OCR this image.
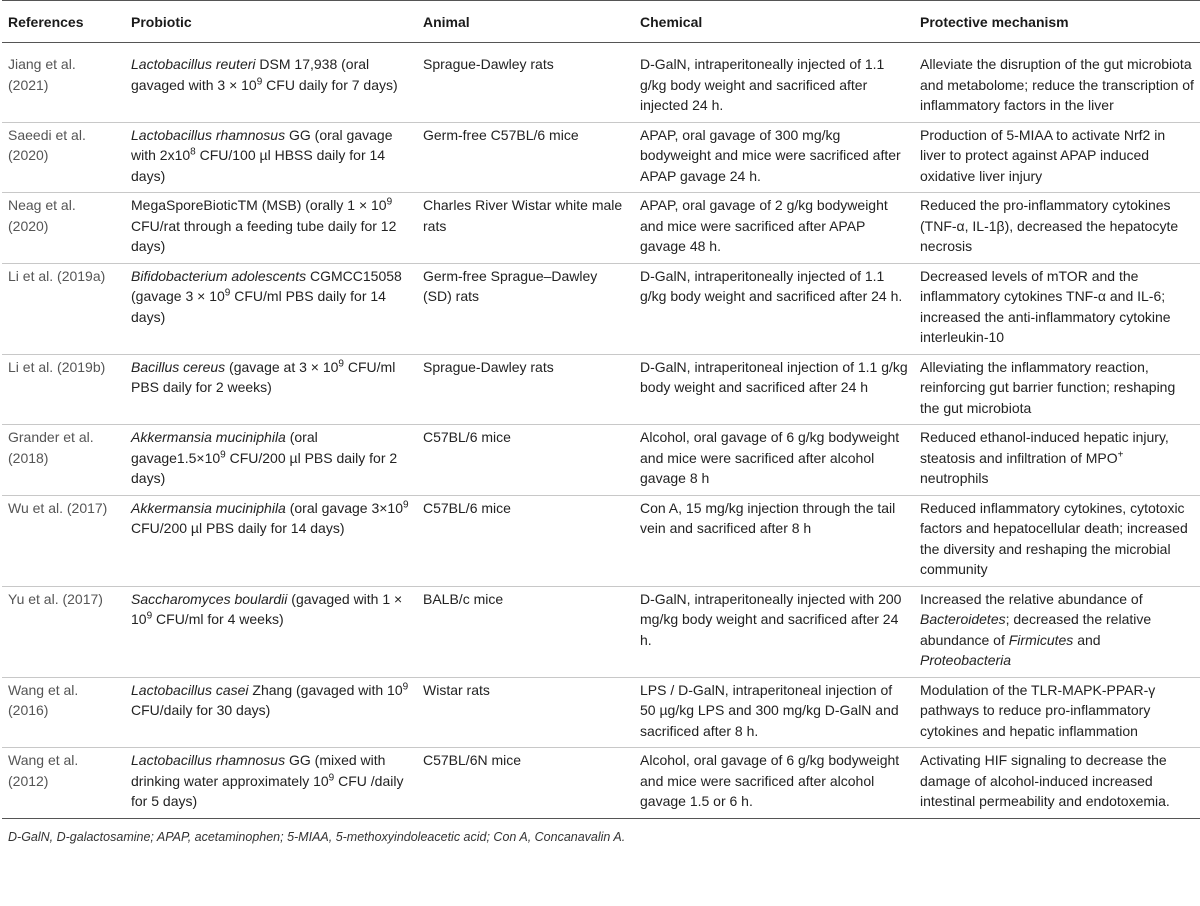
References	Probiotic	Animal	Chemical	Protective mechanism
Jiang et al. (2021)	Lactobacillus reuteri DSM 17,938 (oral gavaged with $3 \times 10^9$ CFU daily for 7 days)	Sprague-Dawley rats	D-GalN, intraperitoneally injected of 1.1 g/kg body weight and sacrificed after injected 24 h.	Alleviate the disruption of the gut microbiota and metabolome; reduce the transcription of inflammatory factors in the liver
Saeedi et al. (2020)	Lactobacillus rhamnosus GG (oral gavage with $2x10^8$ CFU/100 µl HBSS daily for 14 days)	Germ-free C57BL/6 mice	APAP, oral gavage of 300 mg/kg bodyweight and mice were sacrificed after APAP gavage 24 h.	Production of 5-MIAA to activate Nrf2 in liver to protect against APAP induced oxidative liver injury
Neag et al. (2020)	MegaSporeBioticTM (MSB) (orally $1 \times 10^9$ CFU/rat through a feeding tube daily for 12 days)	Charles River Wistar white male rats	APAP, oral gavage of 2 g/kg bodyweight and mice were sacrificed after APAP gavage 48 h.	Reduced the pro-inflammatory cytokines (TNF-α, IL-1β), decreased the hepatocyte necrosis
Li et al. (2019a)	Bifidobacterium adolescents CGMCC15058 (gavage $3 \times 10^9$ CFU/ml PBS daily for 14 days)	Germ-free Sprague–Dawley (SD) rats	D-GalN, intraperitoneally injected of 1.1 g/kg body weight and sacrificed after 24 h.	Decreased levels of mTOR and the inflammatory cytokines TNF-α and IL-6; increased the anti-inflammatory cytokine interleukin-10
Li et al. (2019b)	Bacillus cereus (gavage at $3 \times 10^9$ CFU/ml PBS daily for 2 weeks)	Sprague-Dawley rats	D-GalN, intraperitoneal injection of 1.1 g/kg body weight and sacrificed after 24 h	Alleviating the inflammatory reaction, reinforcing gut barrier function; reshaping the gut microbiota
Grander et al. (2018)	Akkermansia muciniphila (oral $gavage1.5\times 10^9$ CFU/200 µl PBS daily for 2 days)	C57BL/6 mice	Alcohol, oral gavage of 6 g/kg bodyweight and mice were sacrificed after alcohol gavage 8 h	Reduced ethanol-induced hepatic injury, steatosis and infiltration of MPO+ neutrophils
Wu et al. (2017)	Akkermansia muciniphila (oral gavage $3\times 10^9$ CFU/200 µl PBS daily for 14 days)	C57BL/6 mice	Con A, 15 mg/kg injection through the tail vein and sacrificed after 8 h	Reduced inflammatory cytokines, cytotoxic factors and hepatocellular death; increased the diversity and reshaping the microbial community
Yu et al. (2017)	Saccharomyces boulardii (gavaged with $1 \times 10^9$ CFU/ml for 4 weeks)	BALB/c mice	D-GalN, intraperitoneally injected with 200 mg/kg body weight and sacrificed after 24 h.	Increased the relative abundance of Bacteroidetes; decreased the relative abundance of Firmicutes and Proteobacteria
Wang et al. (2016)	Lactobacillus casei Zhang (gavaged with $10^9$ CFU/daily for 30 days)	Wistar rats	LPS / D-GalN, intraperitoneal injection of 50 µg/kg LPS and 300 mg/kg D-GalN and sacrificed after 8 h.	Modulation of the TLR-MAPK-PPAR-γ pathways to reduce pro-inflammatory cytokines and hepatic inflammation
Wang et al. (2012)	Lactobacillus rhamnosus GG (mixed with drinking water approximately $10^9$ CFU /daily for 5 days)	C57BL/6N mice	Alcohol, oral gavage of 6 g/kg bodyweight and mice were sacrificed after alcohol gavage 1.5 or 6 h.	Activating HIF signaling to decrease the damage of alcohol-induced increased intestinal permeability and endotoxemia.
D-GalN, D-galactosamine; APAP, acetaminophen; 5-MIAA, 5-methoxyindoleacetic acid; Con A, Concanavalin A.
